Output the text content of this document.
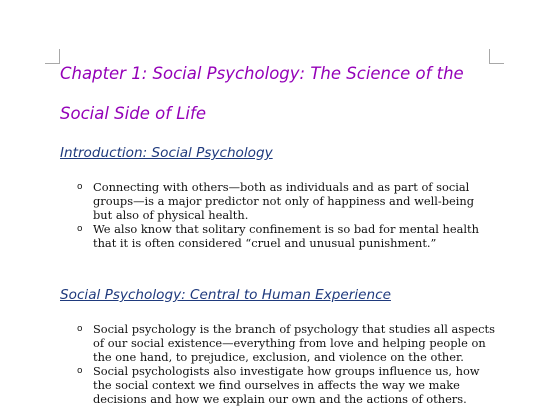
Chapter 1: Social Psychology: The Science of the
Social Side of Life
Introduction: Social Psychology
o Connecting with others—both as individuals and as part of social groups—is a major predictor not only of happiness and well-being but also of physical health.
o We also know that solitary confinement is so bad for mental health that it is often considered “cruel and unusual punishment.”
Social Psychology: Central to Human Experience
o Social psychology is the branch of psychology that studies all aspects of our social existence—everything from love and helping people on the one hand, to prejudice, exclusion, and violence on the other.
o Social psychologists also investigate how groups influence us, how the social context we find ourselves in affects the way we make decisions and how we explain our own and the actions of others.
